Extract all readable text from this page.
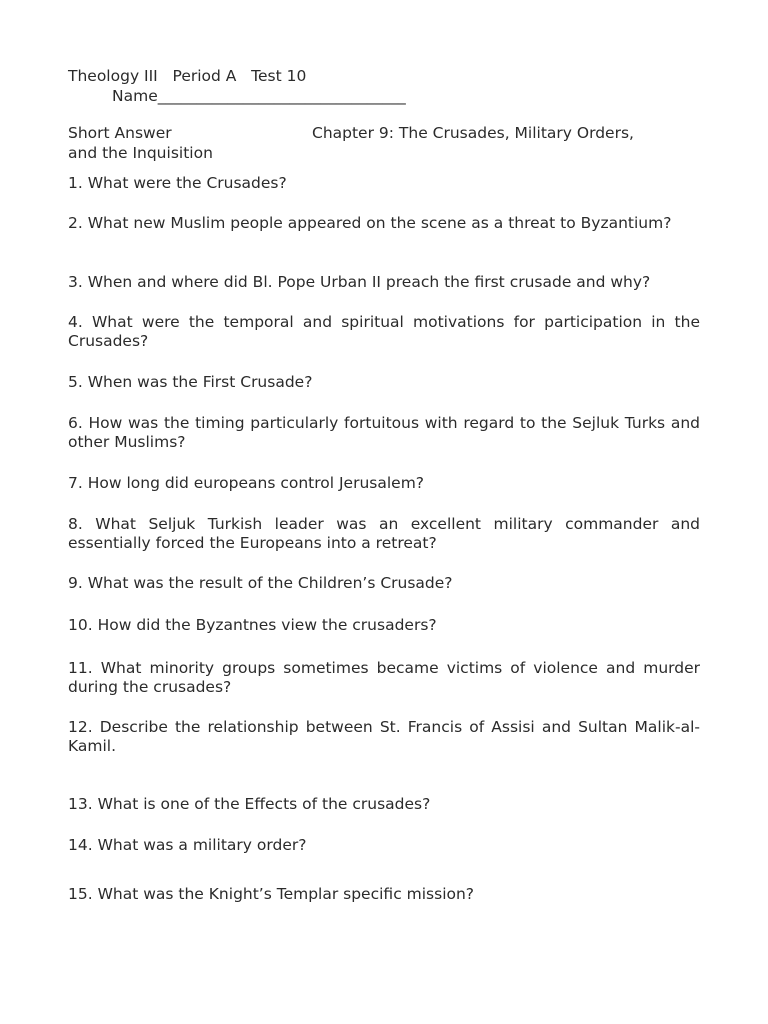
Theology III   Period A   Test 10
Name________________________________
Short Answer	Chapter 9: The Crusades, Military Orders,
and the Inquisition
1. What were the Crusades?
2. What new Muslim people appeared on the scene as a threat to Byzantium?
3. When and where did Bl. Pope Urban II preach the first crusade and why?
4. What were the temporal and spiritual motivations for participation in the Crusades?
5. When was the First Crusade?
6. How was the timing particularly fortuitous with regard to the Sejluk Turks and other Muslims?
7. How long did europeans control Jerusalem?
8. What Seljuk Turkish leader was an excellent military commander and essentially forced the Europeans into a retreat?
9. What was the result of the Children’s Crusade?
10. How did the Byzantnes view the crusaders?
11. What minority groups sometimes became victims of violence and murder during the crusades?
12. Describe the relationship between St. Francis of Assisi and Sultan Malik-al-Kamil.
13. What is one of the Effects of the crusades?
14. What was a military order?
15. What was the Knight’s Templar specific mission?
